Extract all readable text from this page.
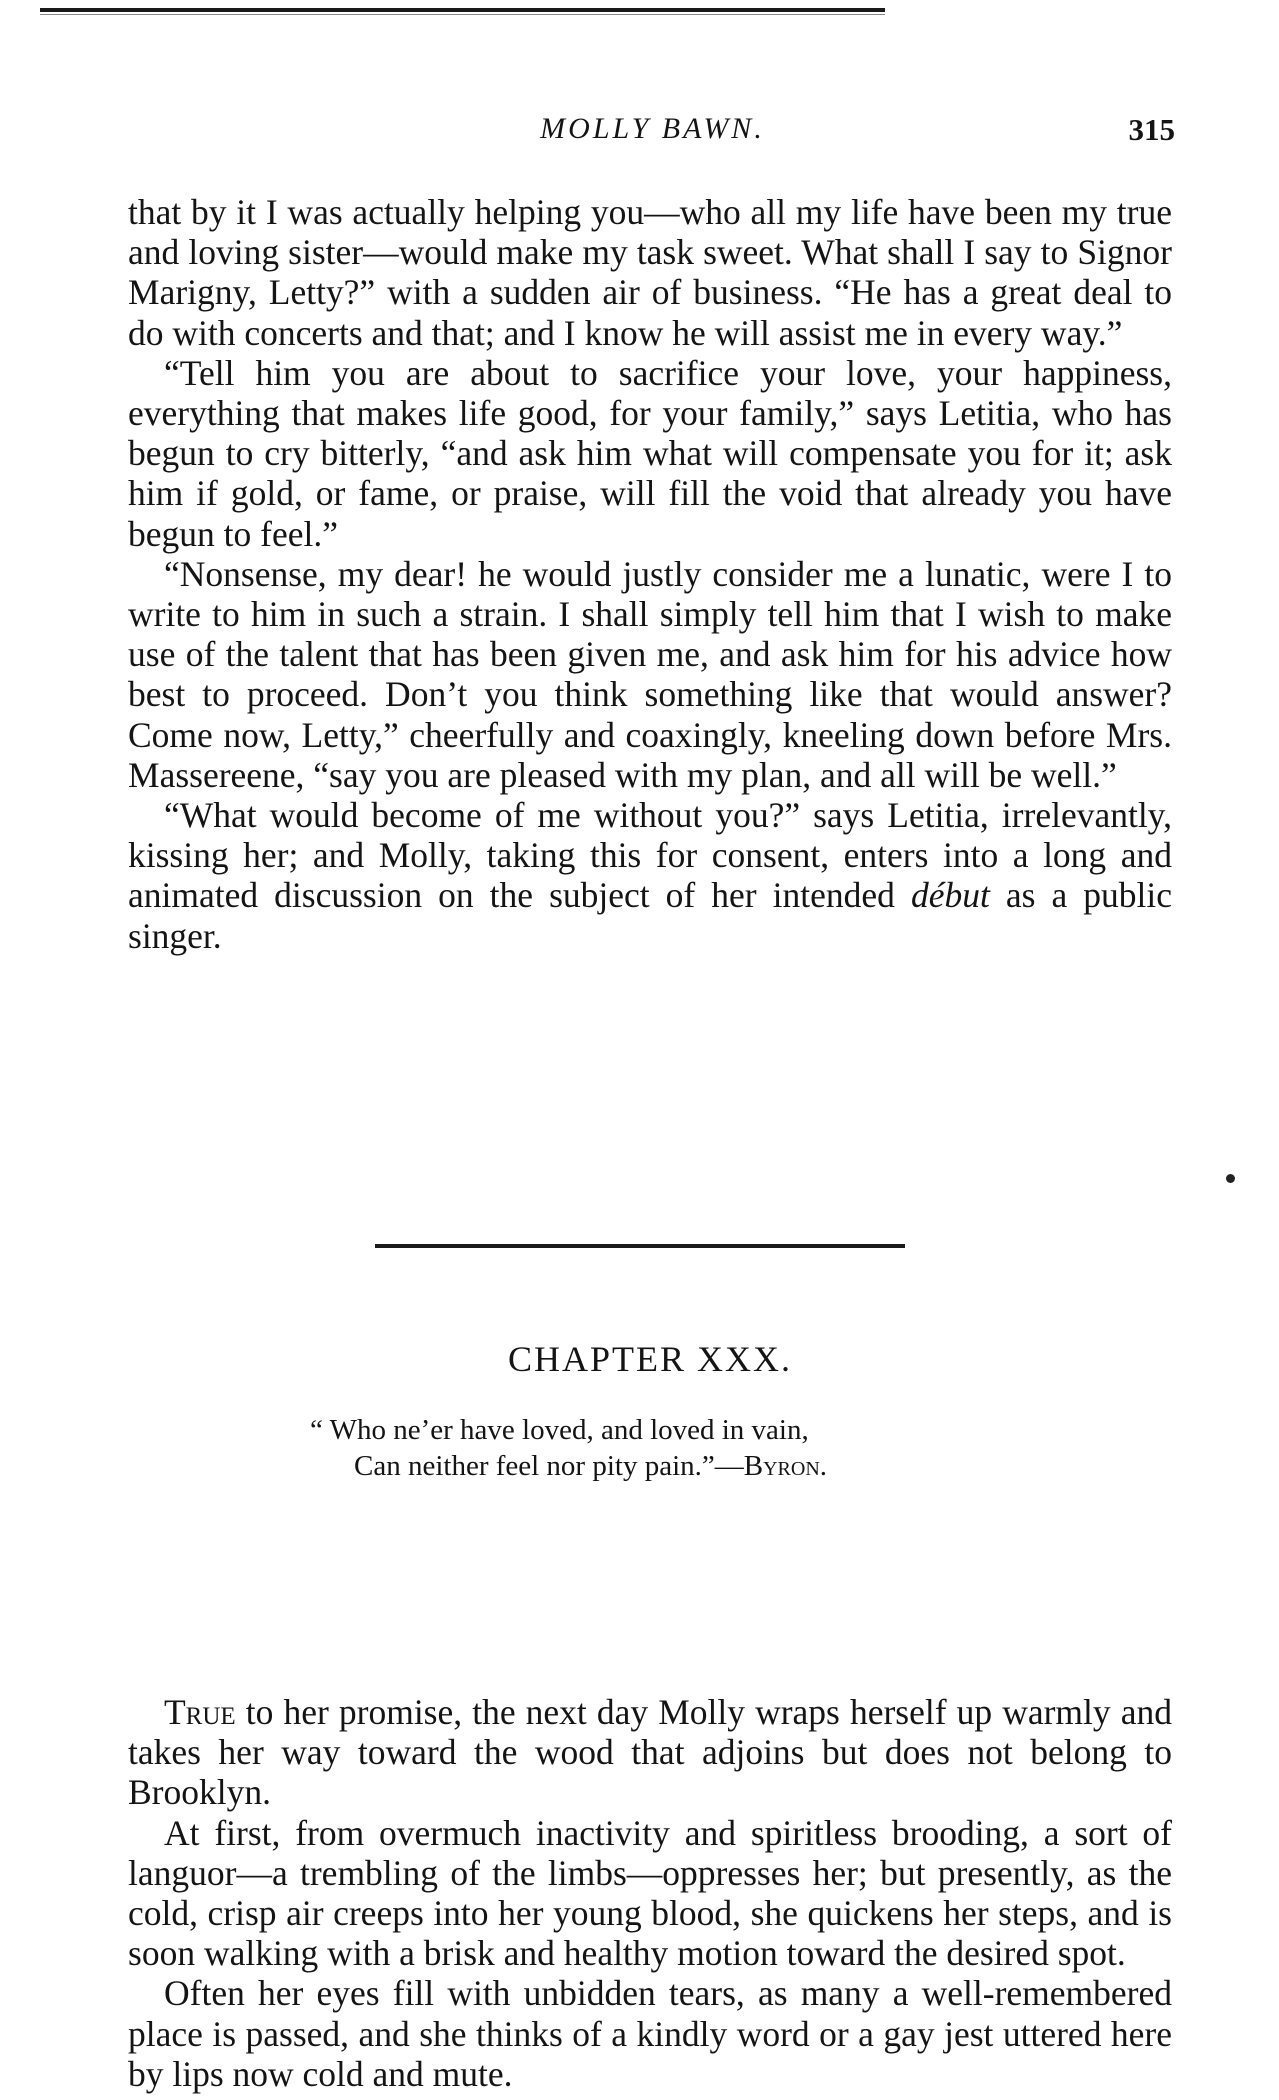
MOLLY BAWN.	315

that by it I was actually helping you—who all my life have been my true and loving sister—would make my task sweet. What shall I say to Signor Marigny, Letty?” with a sudden air of business. “He has a great deal to do with concerts and that; and I know he will assist me in every way.”

“Tell him you are about to sacrifice your love, your happiness, everything that makes life good, for your family,” says Letitia, who has begun to cry bitterly, “and ask him what will compensate you for it; ask him if gold, or fame, or praise, will fill the void that already you have begun to feel.”

“Nonsense, my dear! he would justly consider me a lunatic, were I to write to him in such a strain. I shall simply tell him that I wish to make use of the talent that has been given me, and ask him for his advice how best to proceed. Don’t you think something like that would answer? Come now, Letty,” cheerfully and coaxingly, kneeling down before Mrs. Massereene, “say you are pleased with my plan, and all will be well.”

“What would become of me without you?” says Letitia, irrelevantly, kissing her; and Molly, taking this for consent, enters into a long and animated discussion on the subject of her intended début as a public singer.

CHAPTER XXX.
“ Who ne’er have loved, and loved in vain,
Can neither feel nor pity pain.”—Byron.

True to her promise, the next day Molly wraps herself up warmly and takes her way toward the wood that adjoins but does not belong to Brooklyn.

At first, from overmuch inactivity and spiritless brooding, a sort of languor—a trembling of the limbs—oppresses her; but presently, as the cold, crisp air creeps into her young blood, she quickens her steps, and is soon walking with a brisk and healthy motion toward the desired spot.

Often her eyes fill with unbidden tears, as many a well-remembered place is passed, and she thinks of a kindly word or a gay jest uttered here by lips now cold and mute.
